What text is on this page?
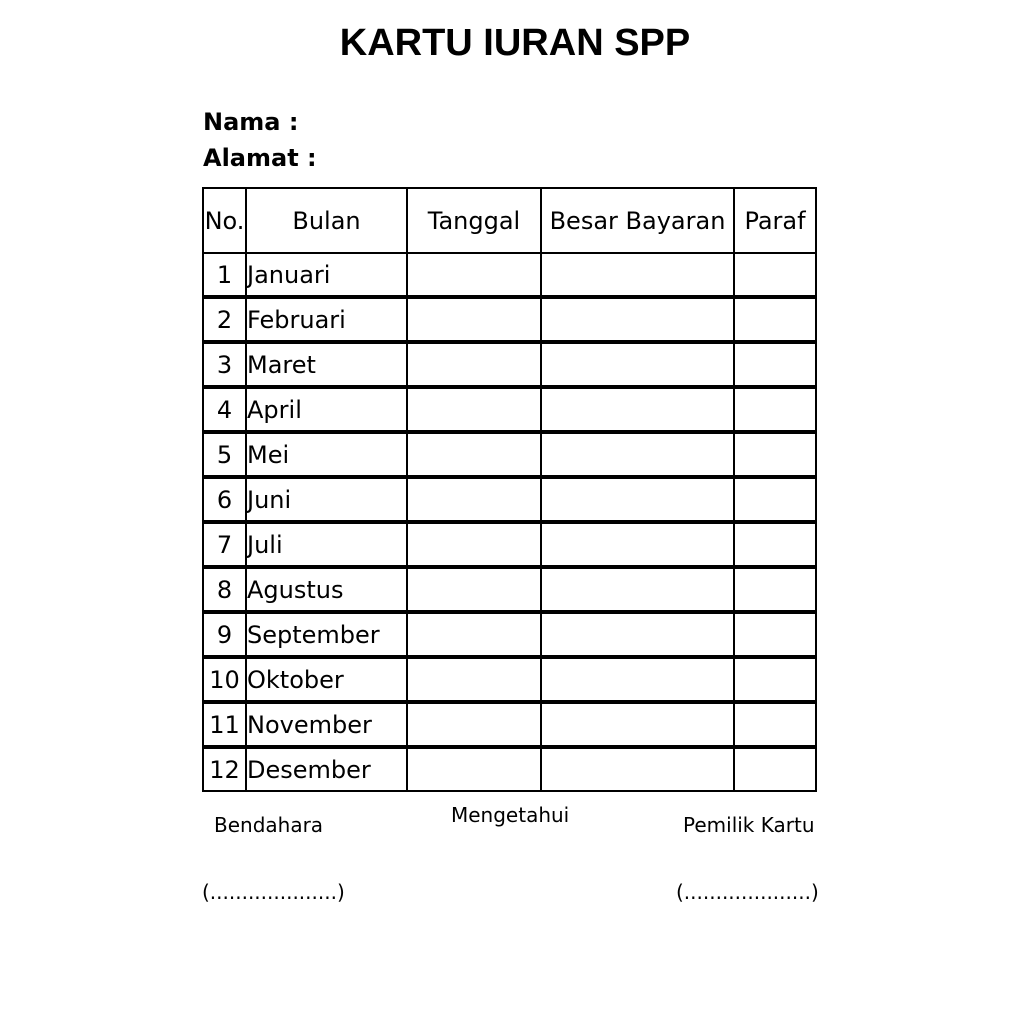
KARTU IURAN SPP
Nama :
Alamat :
No.	Bulan	Tanggal	Besar Bayaran	Paraf
1	Januari			
2	Februari			
3	Maret			
4	April			
5	Mei			
6	Juni			
7	Juli			
8	Agustus			
9	September			
10	Oktober			
11	November			
12	Desember			
Bendahara	Mengetahui	Pemilik Kartu
(....................)	(....................)
